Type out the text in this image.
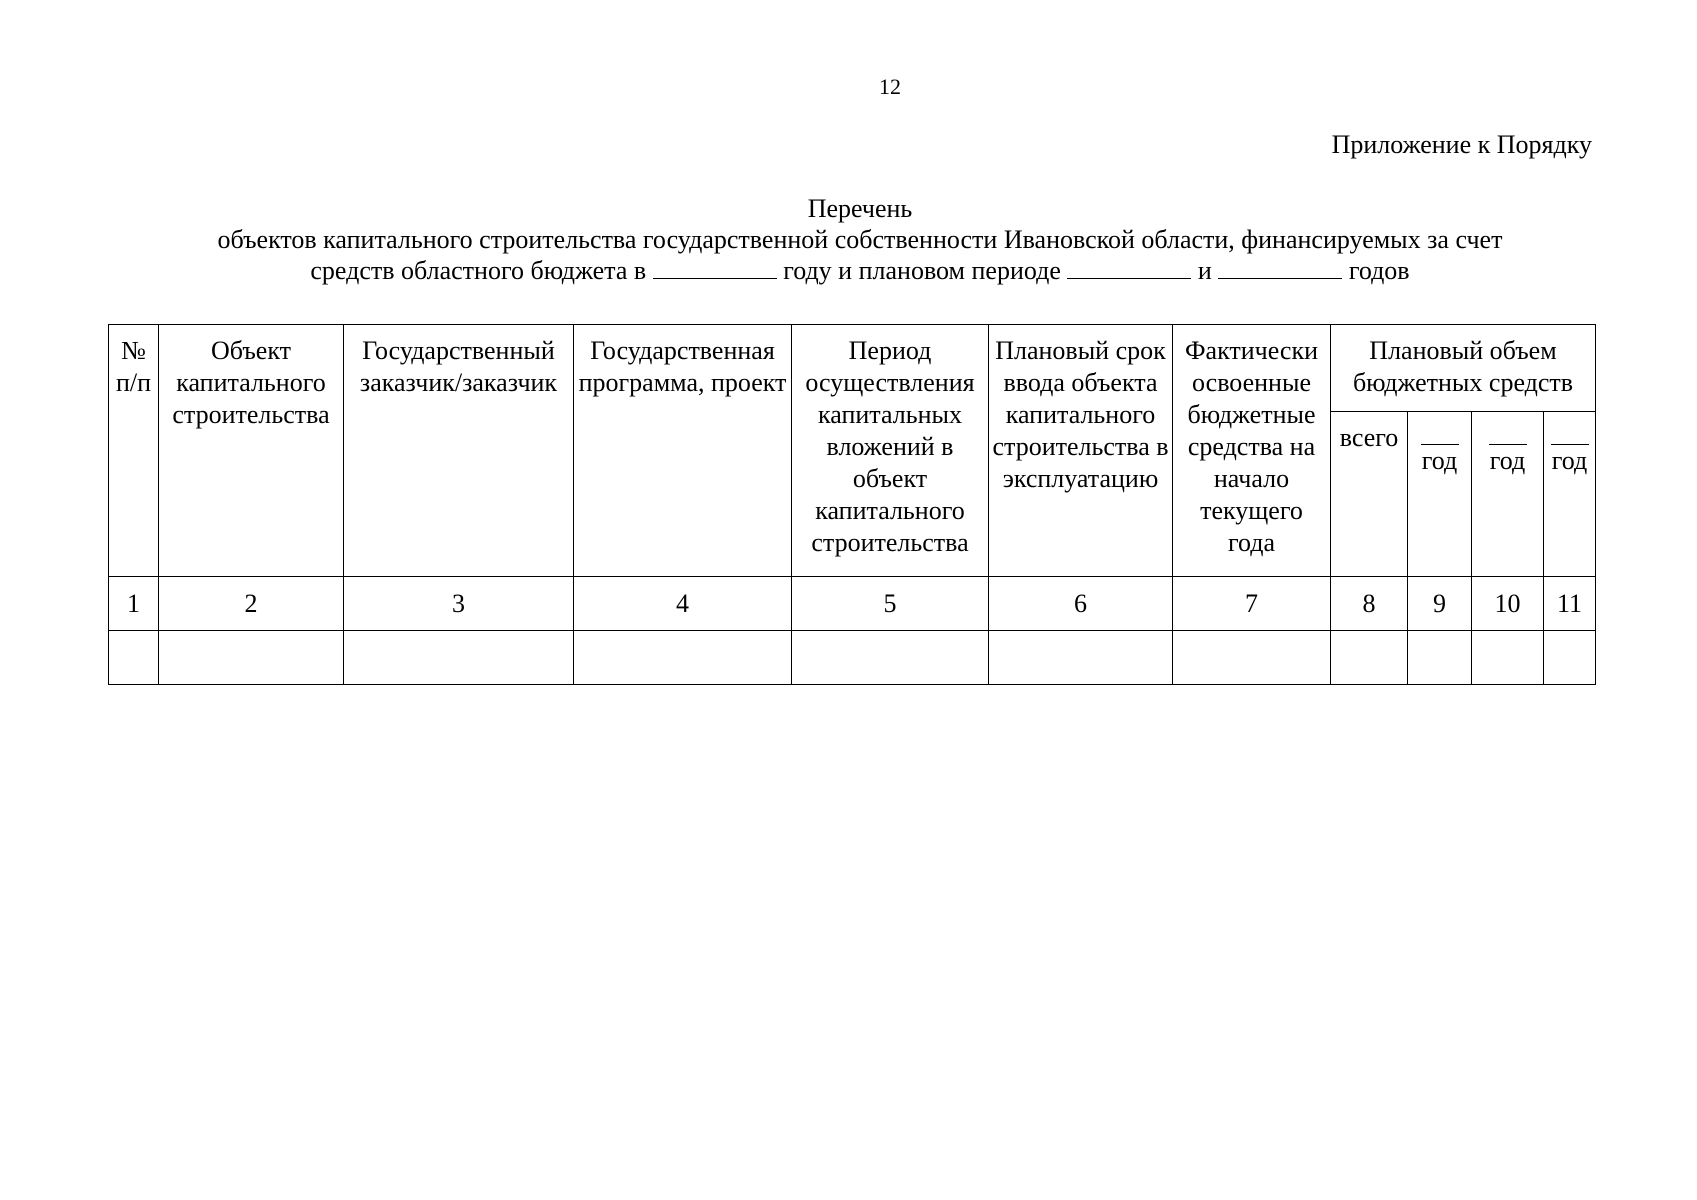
12
Приложение к Порядку
Перечень
объектов капитального строительства государственной собственности Ивановской области, финансируемых за счет
средств областного бюджета в	году и плановом периоде	и	годов
№ п/п	Объект капитального строительства	Государственный заказчик/заказчик	Государственная программа, проект	Период осуществления капитальных вложений в объект капитального строительства	Плановый срок ввода объекта капитального строительства в эксплуатацию	Фактически освоенные бюджетные средства на начало текущего года	Плановый объем бюджетных средств			
							всего	год	год	год
1	2	3	4	5	6	7	8	9	10	11
